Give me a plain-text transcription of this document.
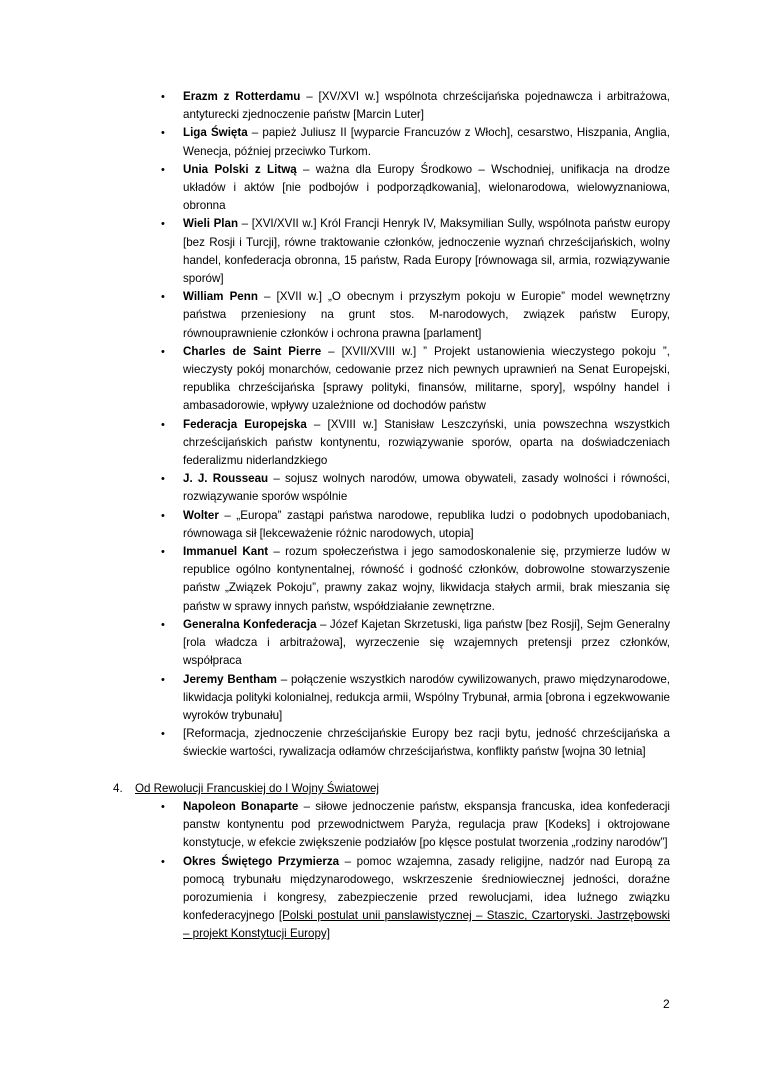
• Erazm z Rotterdamu – [XV/XVI w.] wspólnota chrześcijańska pojednawcza i arbitrażowa, antyturecki zjednoczenie państw [Marcin Luter]
• Liga Święta – papież Juliusz II [wyparcie Francuzów z Włoch], cesarstwo, Hiszpania, Anglia, Wenecja, później przeciwko Turkom.
• Unia Polski z Litwą – ważna dla Europy Środkowo – Wschodniej, unifikacja na drodze układów i aktów [nie podbojów i podporządkowania], wielonarodowa, wielowyznaniowa, obronna
• Wieli Plan – [XVI/XVII w.] Król Francji Henryk IV, Maksymilian Sully, wspólnota państw europy [bez Rosji i Turcji], równe traktowanie członków, jednoczenie wyznań chrześcijańskich, wolny handel, konfederacja obronna, 15 państw, Rada Europy [równowaga sil, armia, rozwiązywanie sporów]
• William Penn – [XVII w.] „O obecnym i przyszłym pokoju w Europie” model wewnętrzny państwa przeniesiony na grunt stos. M-narodowych, związek państw Europy, równouprawnienie członków i ochrona prawna [parlament]
• Charles de Saint Pierre – [XVII/XVIII w.] ” Projekt ustanowienia wieczystego pokoju ”, wieczysty pokój monarchów, cedowanie przez nich pewnych uprawnień na Senat Europejski, republika chrześcijańska [sprawy polityki, finansów, militarne, spory], wspólny handel i ambasadorowie, wpływy uzależnione od dochodów państw
• Federacja Europejska – [XVIII w.] Stanisław Leszczyński, unia powszechna wszystkich chrześcijańskich państw kontynentu, rozwiązywanie sporów, oparta na doświadczeniach federalizmu niderlandzkiego
• J. J. Rousseau – sojusz wolnych narodów, umowa obywateli, zasady wolności i równości, rozwiązywanie sporów wspólnie
• Wolter – „Europa” zastąpi państwa narodowe, republika ludzi o podobnych upodobaniach, równowaga sił [lekceważenie różnic narodowych, utopia]
• Immanuel Kant – rozum społeczeństwa i jego samodoskonalenie się, przymierze ludów w republice ogólno kontynentalnej, równość i godność członków, dobrowolne stowarzyszenie państw „Związek Pokoju”, prawny zakaz wojny, likwidacja stałych armii, brak mieszania się państw w sprawy innych państw, współdziałanie zewnętrzne.
• Generalna Konfederacja – Józef Kajetan Skrzetuski, liga państw [bez Rosji], Sejm Generalny [rola władcza i arbitrażowa], wyrzeczenie się wzajemnych pretensji przez członków, współpraca
• Jeremy Bentham – połączenie wszystkich narodów cywilizowanych, prawo międzynarodowe, likwidacja polityki kolonialnej, redukcja armii, Wspólny Trybunał, armia [obrona i egzekwowanie wyroków trybunału]
• [Reformacja, zjednoczenie chrześcijańskie Europy bez racji bytu, jedność chrześcijańska a świeckie wartości, rywalizacja odłamów chrześcijaństwa, konflikty państw [wojna 30 letnia]
4. Od Rewolucji Francuskiej do I Wojny Światowej
• Napoleon Bonaparte – siłowe jednoczenie państw, ekspansja francuska, idea konfederacji panstw kontynentu pod przewodnictwem Paryża, regulacja praw [Kodeks] i oktrojowane konstytucje, w efekcie zwiększenie podziałów [po klęsce postulat tworzenia „rodziny narodów”]
• Okres Świętego Przymierza – pomoc wzajemna, zasady religijne, nadzór nad Europą za pomocą trybunału międzynarodowego, wskrzeszenie średniowiecznej jedności, doraźne porozumienia i kongresy, zabezpieczenie przed rewolucjami, idea luźnego związku konfederacyjnego [Polski postulat unii panslawistycznej – Staszic, Czartoryski. Jastrzębowski – projekt Konstytucji Europy]
2
